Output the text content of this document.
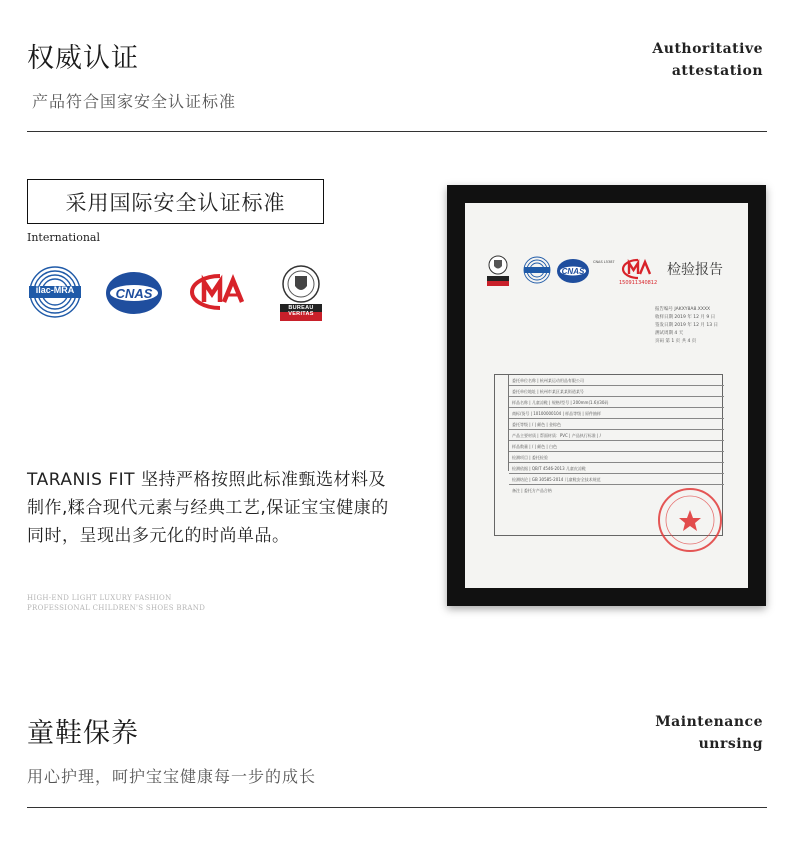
权威认证
产品符合国家安全认证标准
Authoritative
attestation
采用国际安全认证标准
International
ilac-MRA	CNAS
BUREAU VERITAS
TARANIS FIT 坚持严格按照此标准甄选材料及制作,糅合现代元素与经典工艺,保证宝宝健康的同时，呈现出多元化的时尚单品。
HIGH-END LIGHT LUXURY FASHION
PROFESSIONAL CHILDREN'S SHOES BRAND
CNAS
CNAS L5387
150911340812
检验报告
报告编号 JAKXY8A8.XXXX
收样日期 2019 年 12 月 9 日
签发日期 2019 年 12 月 13 日
测试周期 4 天
页码 第 1 页 共 4 页
委托单位名称 | 杭州某运动用品有限公司
委托单位地址 | 杭州市某区某某街道某号
样品名称 | 儿童凉鞋 | 规格/型号 | 200mm(1.6)/30码
商标/货号 | 10100000104 | 样品等级 | 原件抽样
委托等级 | / | 颜色 | 金棕色
产品主要材质 | 帮面材质：PVC | 产品执行标准 | /
样品数量 | / | 颜色 | 白色
检测项目 | 委托检验
检测依据 | QB/T 4546-2013 儿童皮凉鞋
检测结论 | GB 30585-2014 儿童鞋安全技术规范
备注 | 委托方产品合格
童鞋保养
用心护理，呵护宝宝健康每一步的成长
Maintenance
unrsing
